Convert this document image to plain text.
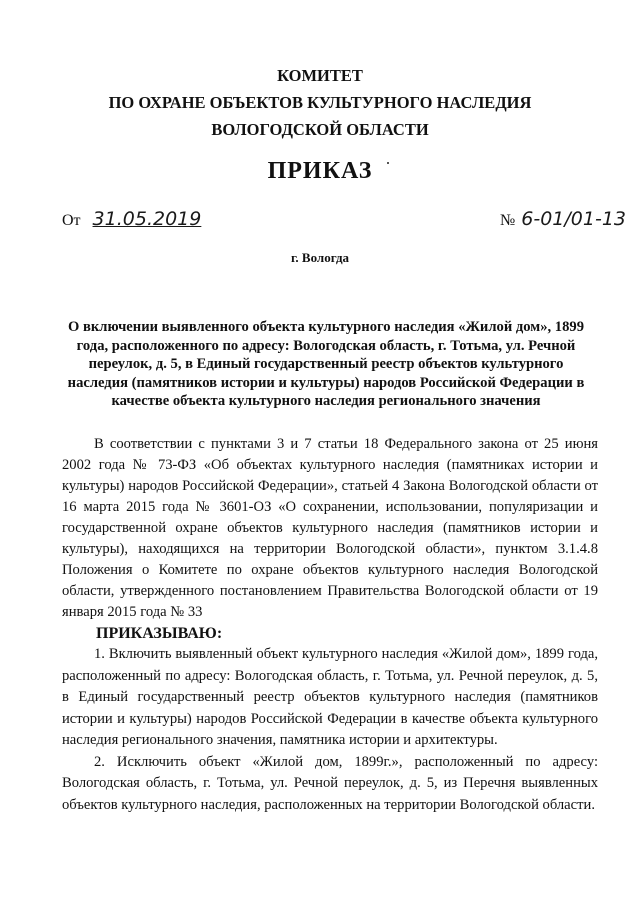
КОМИТЕТ
ПО ОХРАНЕ ОБЪЕКТОВ КУЛЬТУРНОГО НАСЛЕДИЯ
ВОЛОГОДСКОЙ ОБЛАСТИ
ПРИКАЗ
От 31.05.2019	№ 6-01/01-13
г. Вологда
О включении выявленного объекта культурного наследия «Жилой дом», 1899 года, расположенного по адресу: Вологодская область, г. Тотьма, ул. Речной переулок, д. 5, в Единый государственный реестр объектов культурного наследия (памятников истории и культуры) народов Российской Федерации в качестве объекта культурного наследия регионального значения

В соответствии с пунктами 3 и 7 статьи 18 Федерального закона от 25 июня 2002 года № 73-ФЗ «Об объектах культурного наследия (памятниках истории и культуры) народов Российской Федерации», статьей 4 Закона Вологодской области от 16 марта 2015 года № 3601-ОЗ «О сохранении, использовании, популяризации и государственной охране объектов культурного наследия (памятников истории и культуры), находящихся на территории Вологодской области», пунктом 3.1.4.8 Положения о Комитете по охране объектов культурного наследия Вологодской области, утвержденного постановлением Правительства Вологодской области от 19 января 2015 года № 33

ПРИКАЗЫВАЮ:

1. Включить выявленный объект культурного наследия «Жилой дом», 1899 года, расположенный по адресу: Вологодская область, г. Тотьма, ул. Речной переулок, д. 5, в Единый государственный реестр объектов культурного наследия (памятников истории и культуры) народов Российской Федерации в качестве объекта культурного наследия регионального значения, памятника истории и архитектуры.

2. Исключить объект «Жилой дом, 1899г.», расположенный по адресу: Вологодская область, г. Тотьма, ул. Речной переулок, д. 5, из Перечня выявленных объектов культурного наследия, расположенных на территории Вологодской области.
